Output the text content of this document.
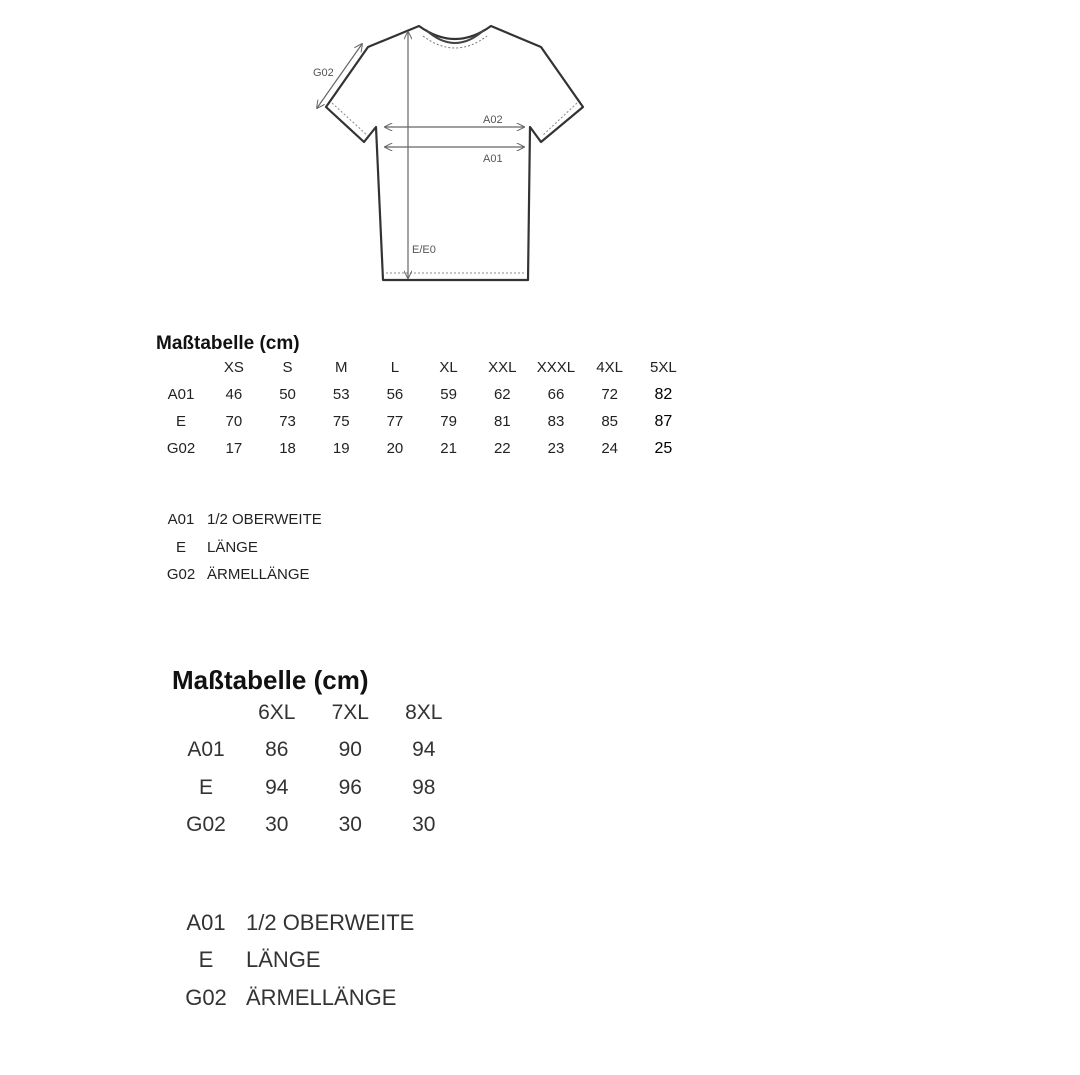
G02
A02
A01
E/E0
Maßtabelle (cm)
	XS	S	M	L	XL	XXL	XXXL	4XL	5XL
A01	46	50	53	56	59	62	66	72	82
E	70	73	75	77	79	81	83	85	87
G02	17	18	19	20	21	22	23	24	25
A01	1/2 OBERWEITE
E	LÄNGE
G02	ÄRMELLÄNGE
Maßtabelle (cm)
	6XL	7XL	8XL
A01	86	90	94
E	94	96	98
G02	30	30	30
A01	1/2 OBERWEITE
E	LÄNGE
G02	ÄRMELLÄNGE
